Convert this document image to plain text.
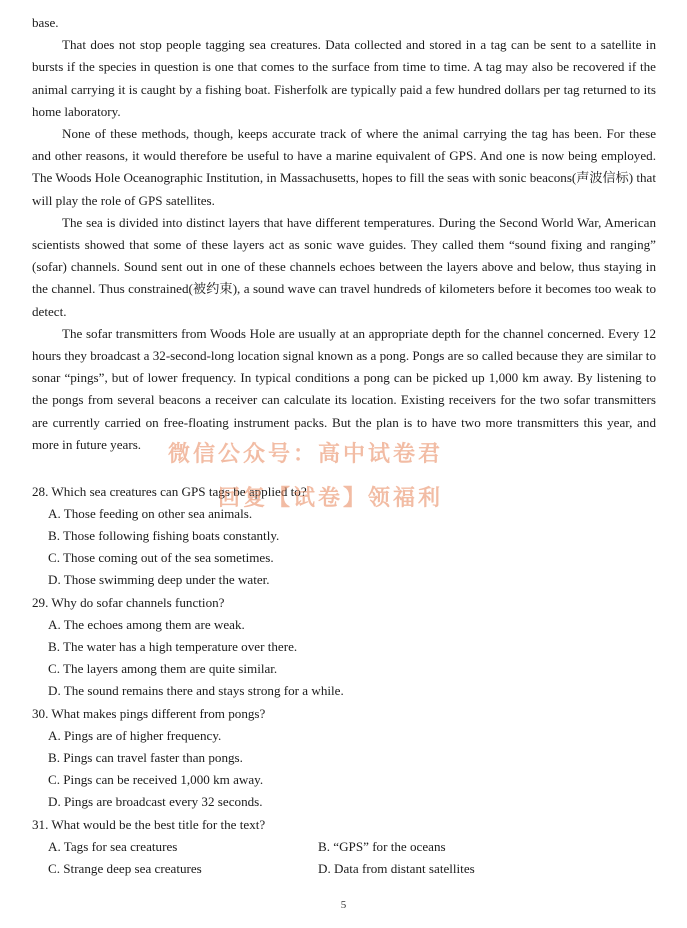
base.

That does not stop people tagging sea creatures. Data collected and stored in a tag can be sent to a satellite in bursts if the species in question is one that comes to the surface from time to time. A tag may also be recovered if the animal carrying it is caught by a fishing boat. Fisherfolk are typically paid a few hundred dollars per tag returned to its home laboratory.

None of these methods, though, keeps accurate track of where the animal carrying the tag has been. For these and other reasons, it would therefore be useful to have a marine equivalent of GPS. And one is now being employed. The Woods Hole Oceanographic Institution, in Massachusetts, hopes to fill the seas with sonic beacons(声波信标) that will play the role of GPS satellites.

The sea is divided into distinct layers that have different temperatures. During the Second World War, American scientists showed that some of these layers act as sonic wave guides. They called them “sound fixing and ranging” (sofar) channels. Sound sent out in one of these channels echoes between the layers above and below, thus staying in the channel. Thus constrained(被约束), a sound wave can travel hundreds of kilometers before it becomes too weak to detect.

The sofar transmitters from Woods Hole are usually at an appropriate depth for the channel concerned. Every 12 hours they broadcast a 32-second-long location signal known as a pong. Pongs are so called because they are similar to sonar “pings”, but of lower frequency. In typical conditions a pong can be picked up 1,000 km away. By listening to the pongs from several beacons a receiver can calculate its location. Existing receivers for the two sofar transmitters are currently carried on free-floating instrument packs. But the plan is to have two more transmitters this year, and more in future years.

28. Which sea creatures can GPS tags be applied to?
A. Those feeding on other sea animals.
B. Those following fishing boats constantly.
C. Those coming out of the sea sometimes.
D. Those swimming deep under the water.
29. Why do sofar channels function?
A. The echoes among them are weak.
B. The water has a high temperature over there.
C. The layers among them are quite similar.
D. The sound remains there and stays strong for a while.
30. What makes pings different from pongs?
A. Pings are of higher frequency.
B. Pings can travel faster than pongs.
C. Pings can be received 1,000 km away.
D. Pings are broadcast every 32 seconds.
31. What would be the best title for the text?
A. Tags for sea creatures	B. “GPS” for the oceans
C. Strange deep sea creatures	D. Data from distant satellites
微信公众号：高中试卷君
回复【试卷】领福利
5
